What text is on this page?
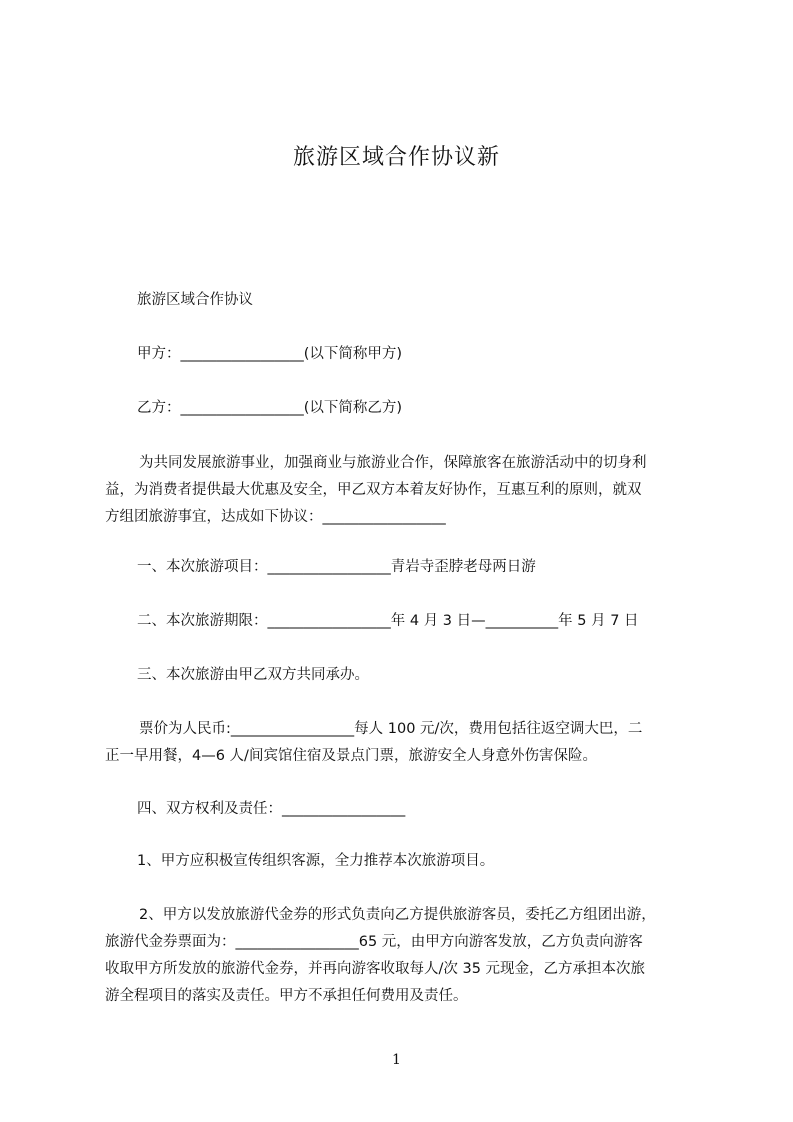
旅游区域合作协议新
旅游区域合作协议
甲方：_________________(以下简称甲方)
乙方：_________________(以下简称乙方)
为共同发展旅游事业，加强商业与旅游业合作，保障旅客在旅游活动中的切身利
益，为消费者提供最大优惠及安全，甲乙双方本着友好协作，互惠互利的原则，就双
方组团旅游事宜，达成如下协议：_________________
一、本次旅游项目：_________________青岩寺歪脖老母两日游
二、本次旅游期限：_________________年 4 月 3 日—__________年 5 月 7 日
三、本次旅游由甲乙双方共同承办。
票价为人民币:_________________每人 100 元/次，费用包括往返空调大巴，二
正一早用餐，4—6 人/间宾馆住宿及景点门票，旅游安全人身意外伤害保险。
四、双方权利及责任：_________________
1、甲方应积极宣传组织客源，全力推荐本次旅游项目。
2、甲方以发放旅游代金券的形式负责向乙方提供旅游客员，委托乙方组团出游，
旅游代金券票面为：_________________65 元，由甲方向游客发放，乙方负责向游客
收取甲方所发放的旅游代金券，并再向游客收取每人/次 35 元现金，乙方承担本次旅
游全程项目的落实及责任。甲方不承担任何费用及责任。
1
